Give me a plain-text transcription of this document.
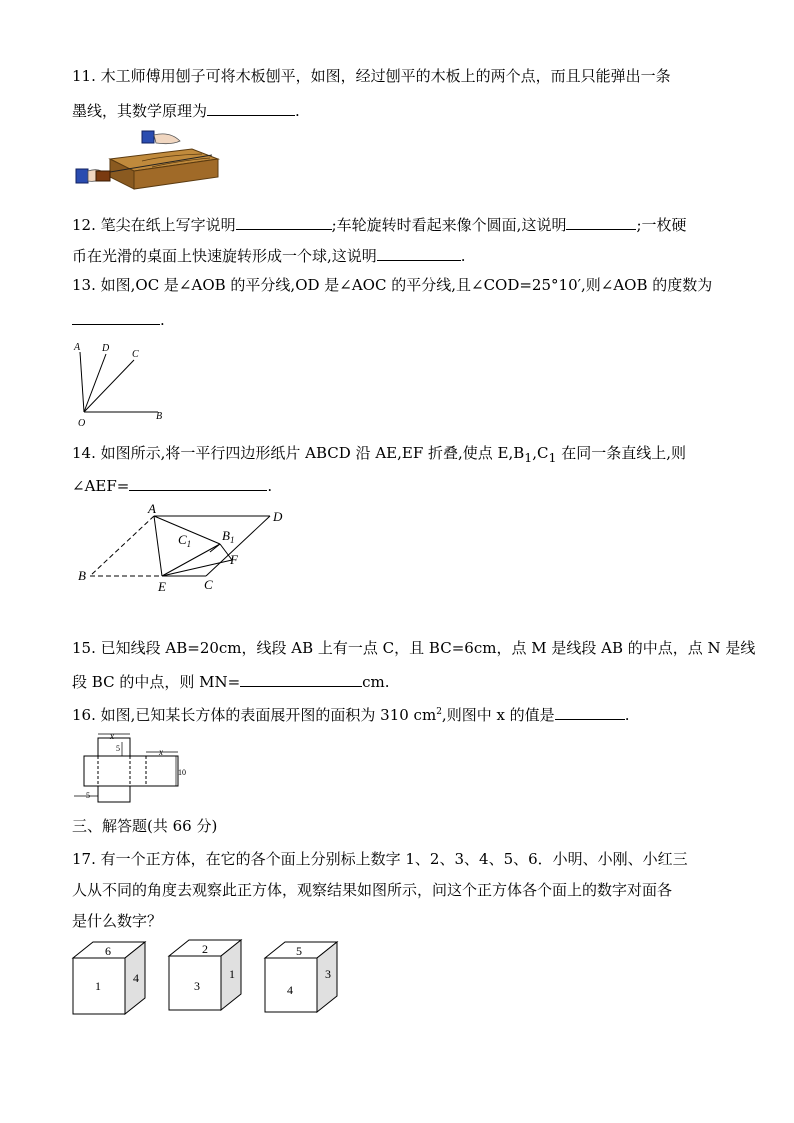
11. 木工师傅用刨子可将木板刨平，如图，经过刨平的木板上的两个点，而且只能弹出一条
墨线，其数学原理为	.
12. 笔尖在纸上写字说明	;车轮旋转时看起来像个圆面,这说明	;一枚硬
币在光滑的桌面上快速旋转形成一个球,这说明	.
13. 如图,OC 是∠AOB 的平分线,OD 是∠AOC 的平分线,且∠COD=25°10′,则∠AOB 的度数为
.
A D
C
O
B
14. 如图所示,将一平行四边形纸片 ABCD 沿 AE,EF 折叠,使点 $E,B_1,C_1$ 在同一条直线上,则
∠AEF=	.
A
D
$C_1$
$B_1$
F
B
E	C
15. 已知线段 AB=20cm，线段 AB 上有一点 C，且 BC=6cm，点 M 是线段 AB 的中点，点 N 是线
段 BC 的中点，则 MN=	cm.
16. 如图,已知某长方体的表面展开图的面积为 310 $cm^2$,则图中 x 的值是	.
x
x
5
10
5
三、解答题(共 66 分)
17. 有一个正方体，在它的各个面上分别标上数字 1、2、3、4、5、6．小明、小刚、小红三
人从不同的角度去观察此正方体，观察结果如图所示，问这个正方体各个面上的数字对面各
是什么数字？
6
1
4
2
3
1
5
4
3
